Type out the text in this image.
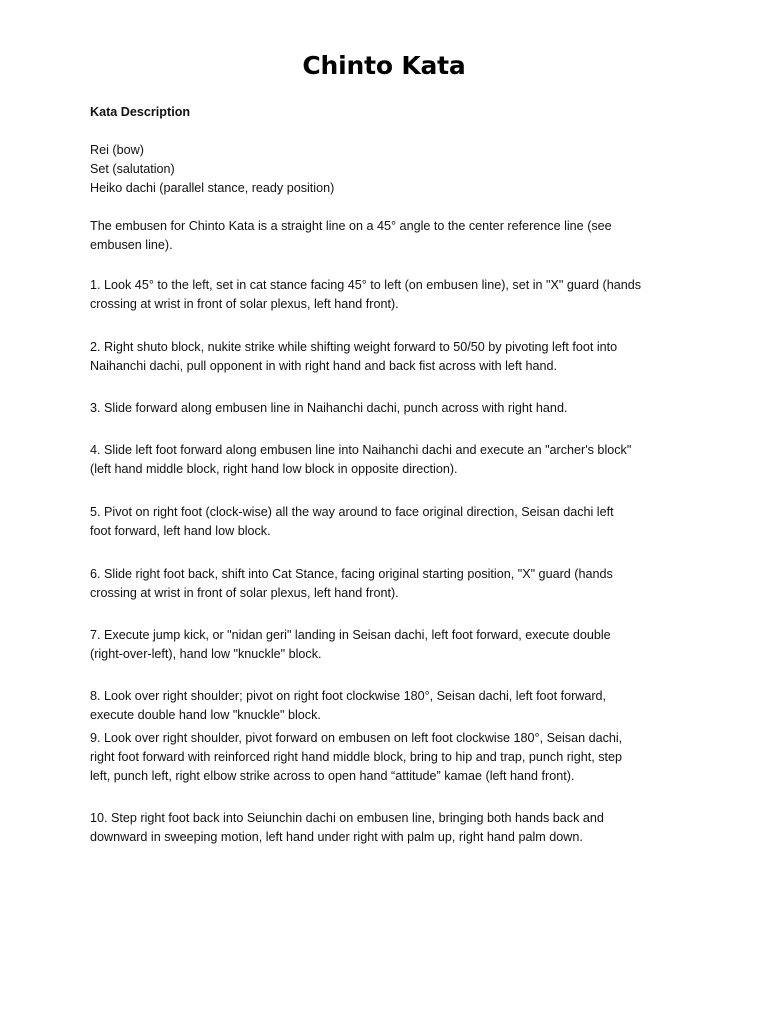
Chinto Kata
Kata Description
Rei (bow)
Set (salutation)
Heiko dachi (parallel stance, ready position)
The embusen for Chinto Kata is a straight line on a 45° angle to the center reference line (see
embusen line).
1. Look 45° to the left, set in cat stance facing 45° to left (on embusen line), set in "X" guard (hands
crossing at wrist in front of solar plexus, left hand front).
2. Right shuto block, nukite strike while shifting weight forward to 50/50 by pivoting left foot into
Naihanchi dachi, pull opponent in with right hand and back fist across with left hand.
3. Slide forward along embusen line in Naihanchi dachi, punch across with right hand.
4. Slide left foot forward along embusen line into Naihanchi dachi and execute an "archer's block"
(left hand middle block, right hand low block in opposite direction).
5. Pivot on right foot (clock-wise) all the way around to face original direction, Seisan dachi left
foot forward, left hand low block.
6. Slide right foot back, shift into Cat Stance, facing original starting position, "X" guard (hands
crossing at wrist in front of solar plexus, left hand front).
7. Execute jump kick, or "nidan geri" landing in Seisan dachi, left foot forward, execute double
(right-over-left), hand low "knuckle" block.
8. Look over right shoulder; pivot on right foot clockwise 180°, Seisan dachi, left foot forward,
execute double hand low "knuckle" block.
9. Look over right shoulder, pivot forward on embusen on left foot clockwise 180°, Seisan dachi,
right foot forward with reinforced right hand middle block, bring to hip and trap, punch right, step
left, punch left, right elbow strike across to open hand “attitude” kamae (left hand front).
10. Step right foot back into Seiunchin dachi on embusen line, bringing both hands back and
downward in sweeping motion, left hand under right with palm up, right hand palm down.
